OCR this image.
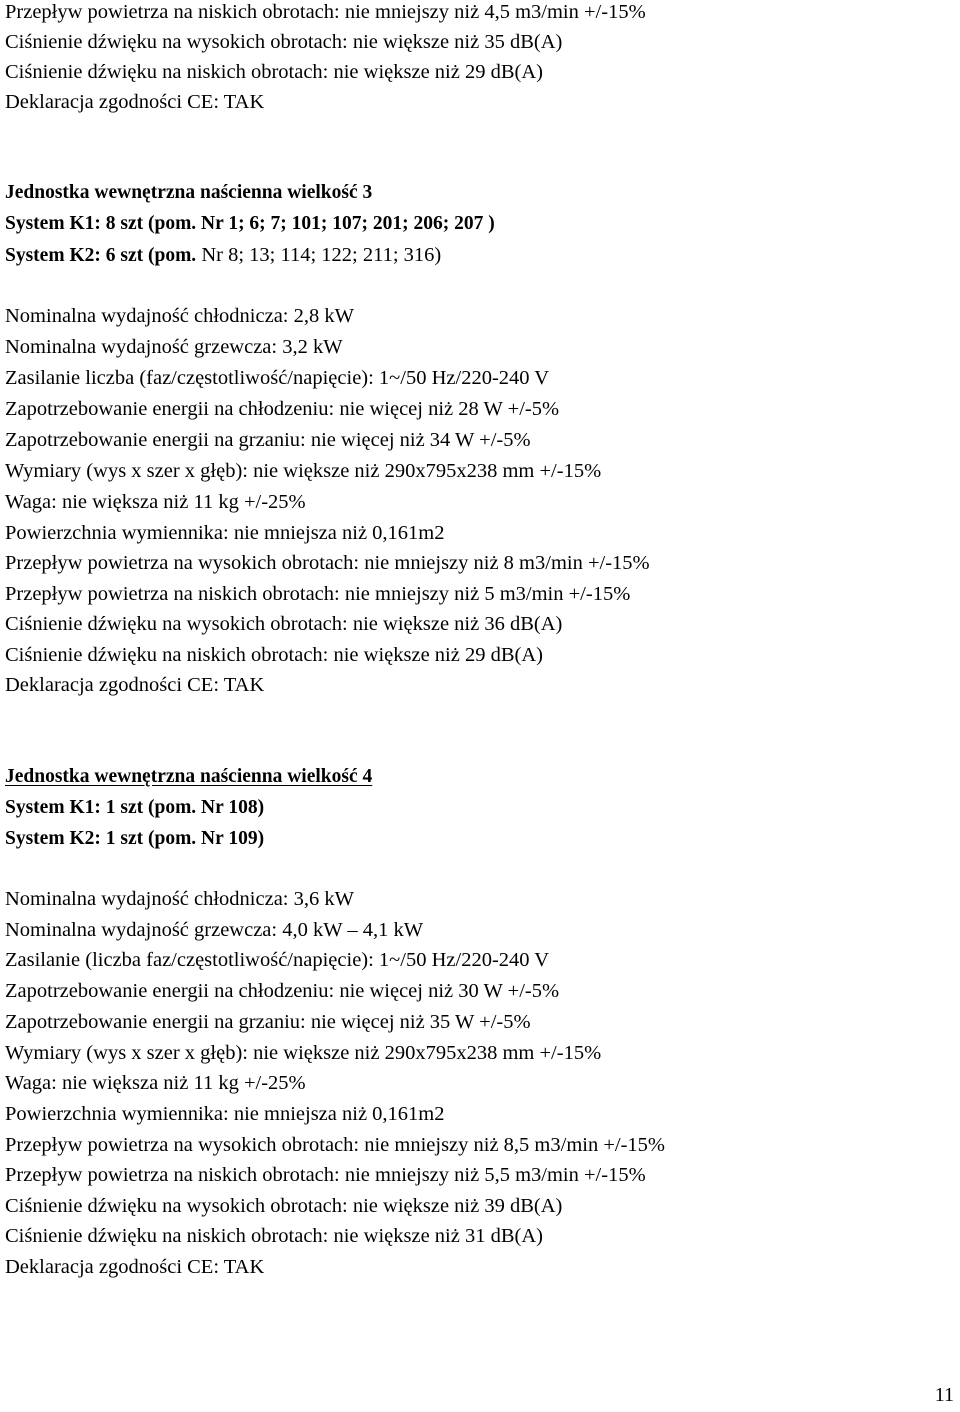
Przepływ powietrza na niskich obrotach: nie mniejszy niż 4,5 m3/min +/-15%

Ciśnienie dźwięku na wysokich obrotach: nie większe niż 35 dB(A)

Ciśnienie dźwięku na niskich obrotach: nie większe niż 29 dB(A)

Deklaracja zgodności CE: TAK

Jednostka wewnętrzna naścienna wielkość 3

System K1: 8 szt (pom. Nr 1; 6; 7; 101; 107; 201; 206; 207 )

System K2: 6 szt (pom. Nr 8; 13; 114; 122; 211; 316)

Nominalna wydajność chłodnicza: 2,8 kW

Nominalna wydajność grzewcza: 3,2 kW

Zasilanie liczba (faz/częstotliwość/napięcie): 1~/50 Hz/220-240 V

Zapotrzebowanie energii na chłodzeniu: nie więcej niż 28 W +/-5%

Zapotrzebowanie energii na grzaniu: nie więcej niż 34 W +/-5%

Wymiary (wys x szer x głęb): nie większe niż 290x795x238 mm +/-15%

Waga: nie większa niż 11 kg +/-25%

Powierzchnia wymiennika: nie mniejsza niż 0,161m2

Przepływ powietrza na wysokich obrotach: nie mniejszy niż 8 m3/min +/-15%

Przepływ powietrza na niskich obrotach: nie mniejszy niż 5 m3/min +/-15%

Ciśnienie dźwięku na wysokich obrotach: nie większe niż 36 dB(A)

Ciśnienie dźwięku na niskich obrotach: nie większe niż 29 dB(A)

Deklaracja zgodności CE: TAK

Jednostka wewnętrzna naścienna wielkość 4

System K1: 1 szt (pom. Nr 108)

System K2: 1 szt (pom. Nr 109)

Nominalna wydajność chłodnicza: 3,6 kW

Nominalna wydajność grzewcza: 4,0 kW – 4,1 kW

Zasilanie (liczba faz/częstotliwość/napięcie): 1~/50 Hz/220-240 V

Zapotrzebowanie energii na chłodzeniu: nie więcej niż 30 W +/-5%

Zapotrzebowanie energii na grzaniu: nie więcej niż 35 W +/-5%

Wymiary (wys x szer x głęb): nie większe niż 290x795x238 mm +/-15%

Waga: nie większa niż 11 kg +/-25%

Powierzchnia wymiennika: nie mniejsza niż 0,161m2

Przepływ powietrza na wysokich obrotach: nie mniejszy niż 8,5 m3/min +/-15%

Przepływ powietrza na niskich obrotach: nie mniejszy niż 5,5 m3/min +/-15%

Ciśnienie dźwięku na wysokich obrotach: nie większe niż 39 dB(A)

Ciśnienie dźwięku na niskich obrotach: nie większe niż 31 dB(A)

Deklaracja zgodności CE: TAK

11
